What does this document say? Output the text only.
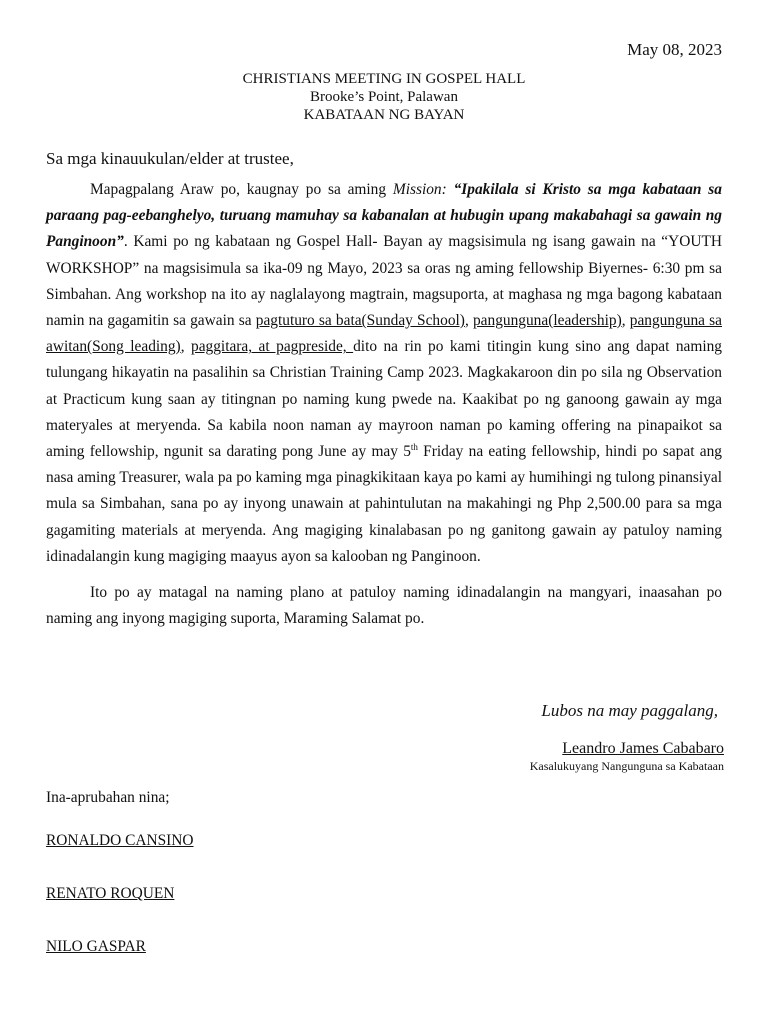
May 08, 2023
CHRISTIANS MEETING IN GOSPEL HALL
Brooke’s Point, Palawan
KABATAAN NG BAYAN
Sa mga kinauukulan/elder at trustee,

Mapagpalang Araw po, kaugnay po sa aming Mission: “Ipakilala si Kristo sa mga kabataan sa paraang pag-eebanghelyo, turuang mamuhay sa kabanalan at hubugin upang makabahagi sa gawain ng Panginoon”. Kami po ng kabataan ng Gospel Hall- Bayan ay magsisimula ng isang gawain na “YOUTH WORKSHOP” na magsisimula sa ika-09 ng Mayo, 2023 sa oras ng aming fellowship Biyernes- 6:30 pm sa Simbahan. Ang workshop na ito ay naglalayong magtrain, magsuporta, at maghasa ng mga bagong kabataan namin na gagamitin sa gawain sa pagtuturo sa bata(Sunday School), pangunguna(leadership), pangunguna sa awitan(Song leading), paggitara, at pagpreside, dito na rin po kami titingin kung sino ang dapat naming tulungang hikayatin na pasalihin sa Christian Training Camp 2023. Magkakaroon din po sila ng Observation at Practicum kung saan ay titingnan po naming kung pwede na. Kaakibat po ng ganoong gawain ay mga materyales at meryenda. Sa kabila noon naman ay mayroon naman po kaming offering na pinapaikot sa aming fellowship, ngunit sa darating pong June ay may 5th Friday na eating fellowship, hindi po sapat ang nasa aming Treasurer, wala pa po kaming mga pinagkikitaan kaya po kami ay humihingi ng tulong pinansiyal mula sa Simbahan, sana po ay inyong unawain at pahintulutan na makahingi ng Php 2,500.00 para sa mga gagamiting materials at meryenda. Ang magiging kinalabasan po ng ganitong gawain ay patuloy naming idinadalangin kung magiging maayus ayon sa kalooban ng Panginoon.

Ito po ay matagal na naming plano at patuloy naming idinadalangin na mangyari, inaasahan po naming ang inyong magiging suporta, Maraming Salamat po.

Lubos na may paggalang,
Leandro James Cababaro
Kasalukuyang Nangunguna sa Kabataan
Ina-aprubahan nina;
RONALDO CANSINO
RENATO ROQUEN
NILO GASPAR
